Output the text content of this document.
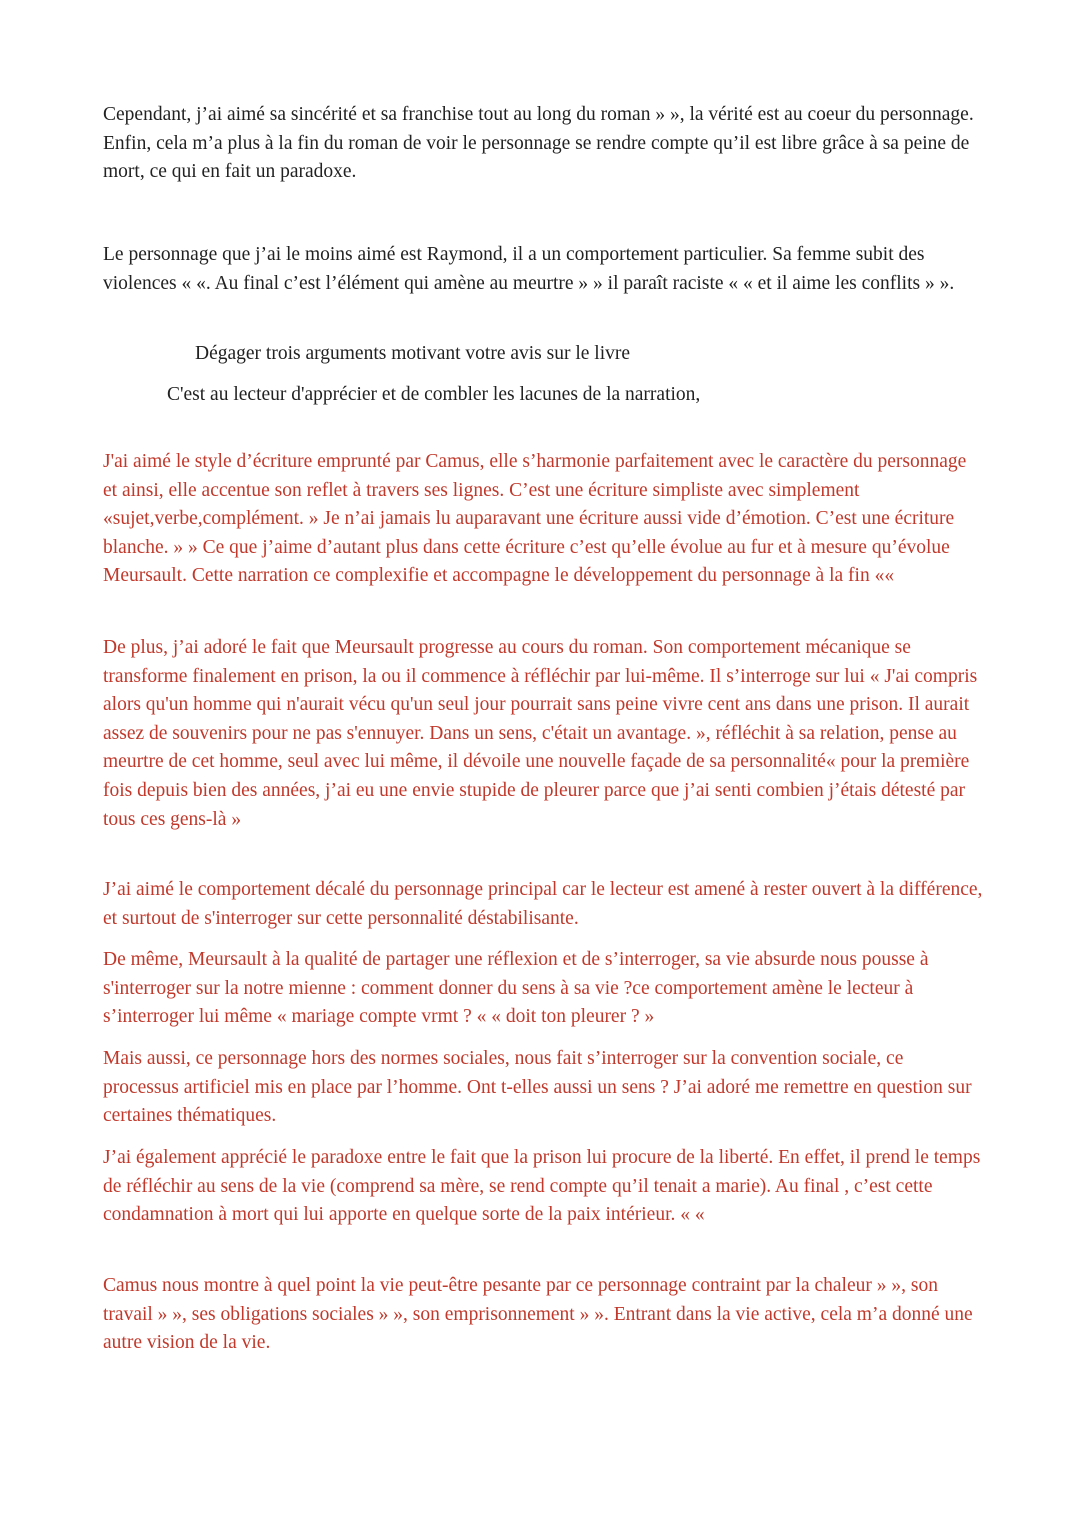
Cependant, j’ai aimé sa sincérité et sa franchise tout au long du roman » », la vérité est au coeur du personnage. Enfin, cela m’a plus à la fin du roman de voir le personnage se rendre compte qu’il est libre grâce à sa peine de mort, ce qui en fait un paradoxe.

Le personnage que j’ai le moins aimé est Raymond, il a un comportement particulier. Sa femme subit des violences « «. Au final c’est l’élément qui amène au meurtre » » il paraît raciste « « et il aime les conflits » ».

Dégager trois arguments motivant votre avis sur le livre

C'est au lecteur d'apprécier et de combler les lacunes de la narration,

J'ai aimé le style d’écriture emprunté par Camus, elle s’harmonie parfaitement avec le caractère du personnage et ainsi, elle accentue son reflet à travers ses lignes. C’est une écriture simpliste avec simplement «sujet,verbe,complément. » Je n’ai jamais lu auparavant une écriture aussi vide d’émotion. C’est une écriture blanche. » » Ce que j’aime d’autant plus dans cette écriture c’est qu’elle évolue au fur et à mesure qu’évolue Meursault. Cette narration ce complexifie et accompagne le développement du personnage à la fin ««

De plus, j’ai adoré le fait que Meursault progresse au cours du roman. Son comportement mécanique se transforme finalement en prison, la ou il commence à réfléchir par lui-même. Il s’interroge sur lui « J'ai compris alors qu'un homme qui n'aurait vécu qu'un seul jour pourrait sans peine vivre cent ans dans une prison. Il aurait assez de souvenirs pour ne pas s'ennuyer. Dans un sens, c'était un avantage. », réfléchit à sa relation, pense au meurtre de cet homme, seul avec lui même, il dévoile une nouvelle façade de sa personnalité« pour la première fois depuis bien des années, j’ai eu une envie stupide de pleurer parce que j’ai senti combien j’étais détesté par tous ces gens-là »

J’ai aimé le comportement décalé du personnage principal car le lecteur est amené à rester ouvert à la différence, et surtout de s'interroger sur cette personnalité déstabilisante.

De même, Meursault à la qualité de partager une réflexion et de s’interroger, sa vie absurde nous pousse à s'interroger sur la notre mienne : comment donner du sens à sa vie ?ce comportement amène le lecteur à s’interroger lui même « mariage compte vrmt ? « « doit ton pleurer ? »

Mais aussi, ce personnage hors des normes sociales, nous fait s’interroger sur la convention sociale, ce processus artificiel mis en place par l’homme. Ont t-elles aussi un sens ? J’ai adoré me remettre en question sur certaines thématiques.

J’ai également apprécié le paradoxe entre le fait que la prison lui procure de la liberté. En effet, il prend le temps de réfléchir au sens de la vie (comprend sa mère, se rend compte qu’il tenait a marie). Au final , c’est cette condamnation à mort qui lui apporte en quelque sorte de la paix intérieur. « «

Camus nous montre à quel point la vie peut-être pesante par ce personnage contraint par la chaleur » », son travail » », ses obligations sociales » », son emprisonnement » ». Entrant dans la vie active, cela m’a donné une autre vision de la vie.
